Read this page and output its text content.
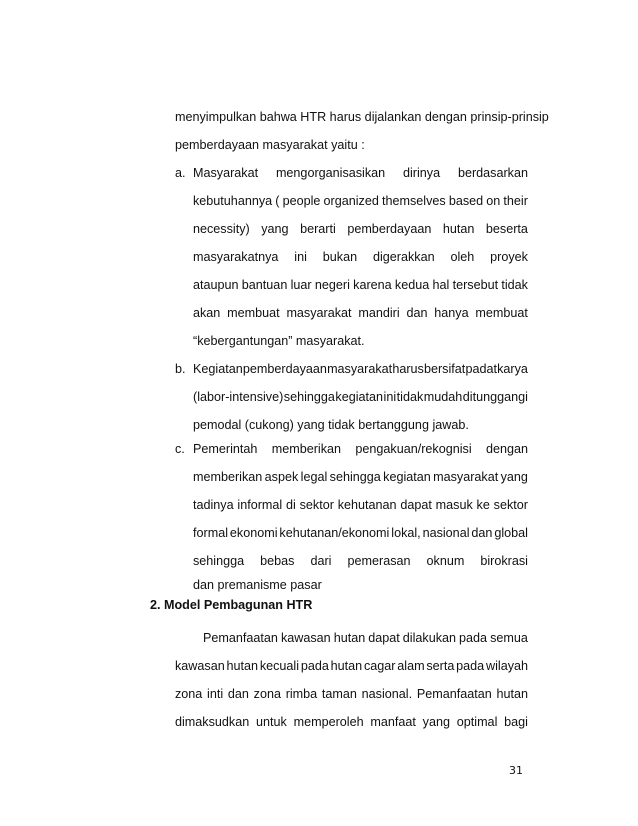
menyimpulkan bahwa HTR harus dijalankan dengan prinsip-prinsip
pemberdayaan masyarakat yaitu :
a. Masyarakat mengorganisasikan dirinya berdasarkan
kebutuhannya ( people organized themselves based on their
necessity) yang berarti pemberdayaan hutan beserta
masyarakatnya ini bukan digerakkan oleh proyek
ataupun bantuan luar negeri karena kedua hal tersebut tidak
akan membuat masyarakat mandiri dan hanya membuat
“kebergantungan” masyarakat.
b. Kegiatan pemberdayaan masyarakat harus bersifat padat karya
(labor-intensive) sehingga kegiatan ini tidak mudah ditunggangi
pemodal (cukong) yang tidak bertanggung jawab.
c. Pemerintah memberikan pengakuan/rekognisi dengan
memberikan aspek legal sehingga kegiatan masyarakat yang
tadinya informal di sektor kehutanan dapat masuk ke sektor
formal ekonomi kehutanan/ekonomi lokal, nasional dan global
sehingga bebas dari pemerasan oknum birokrasi
dan premanisme pasar
2. Model Pembagunan HTR
Pemanfaatan kawasan hutan dapat dilakukan pada semua
kawasan hutan kecuali pada hutan cagar alam serta pada wilayah
zona inti dan zona rimba taman nasional. Pemanfaatan hutan
dimaksudkan untuk memperoleh manfaat yang optimal bagi
31
